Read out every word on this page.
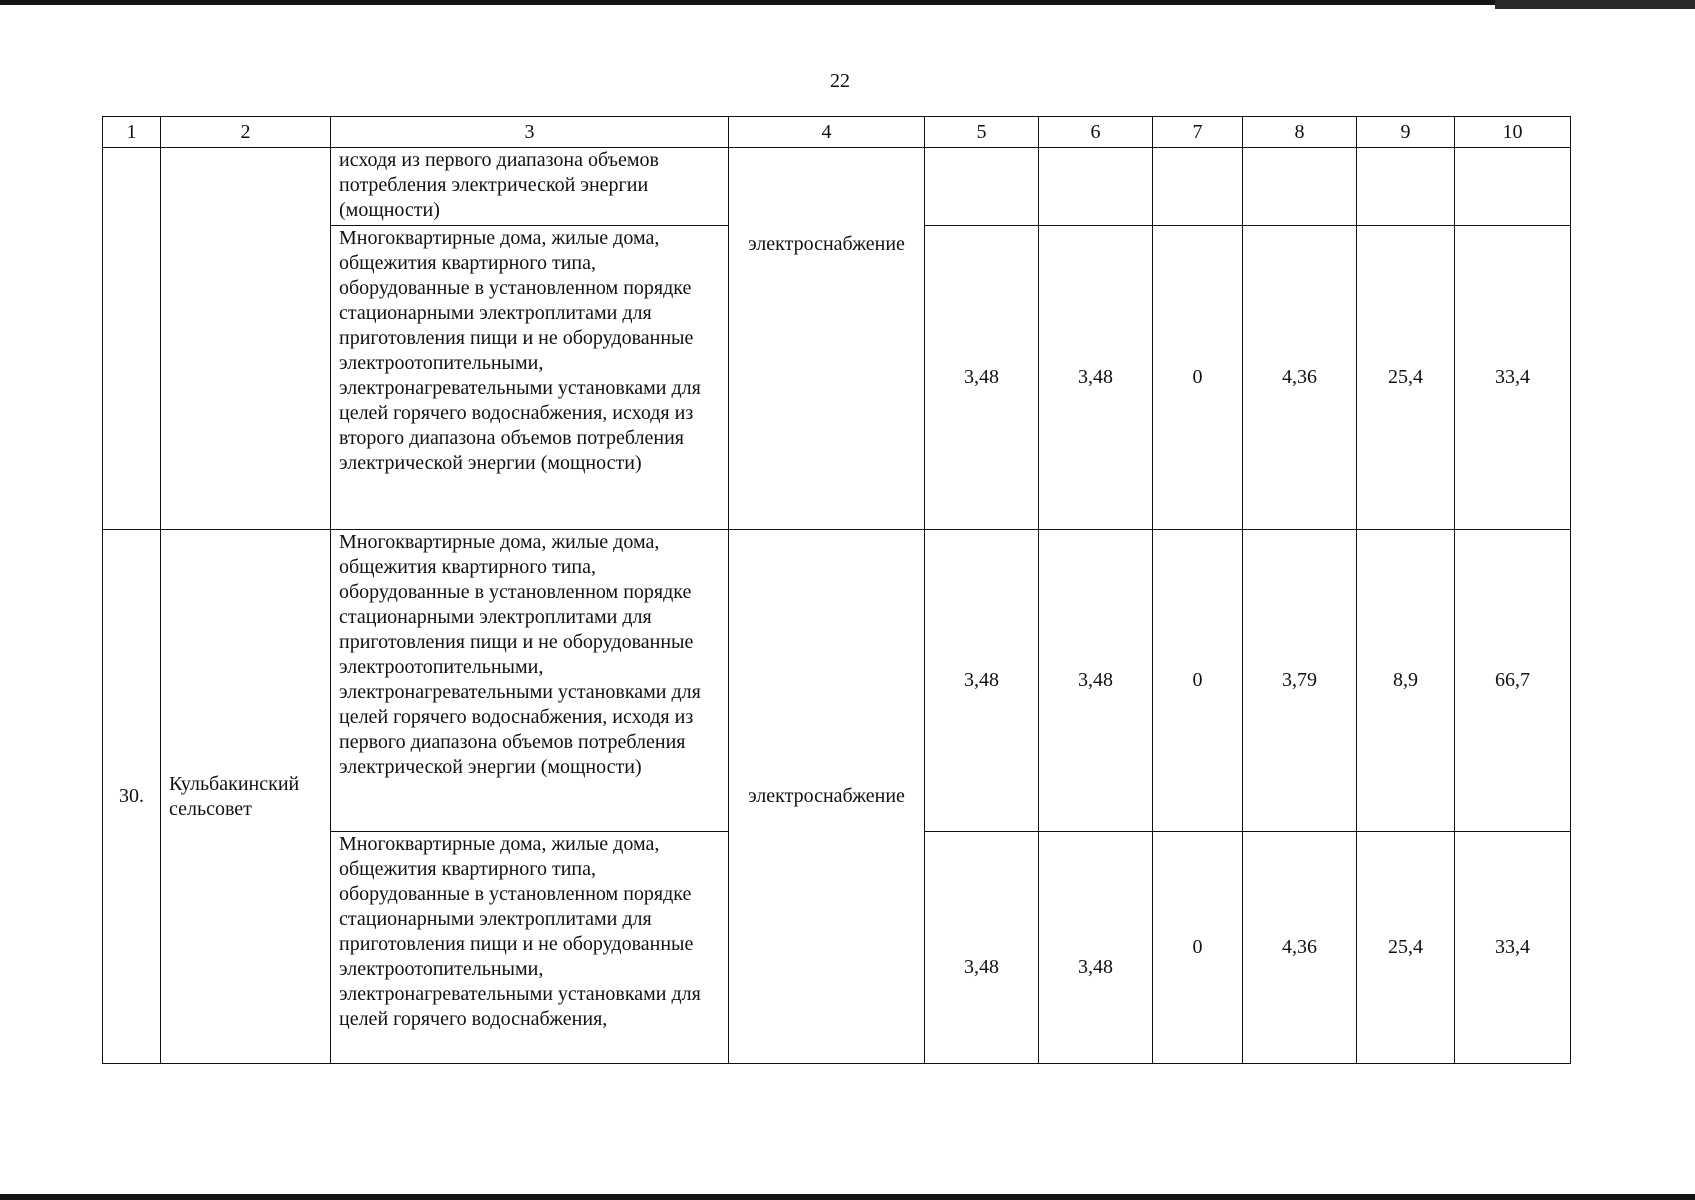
22
1	2	3	4	5	6	7	8	9	10
		исходя из первого диапазона объемов потребления электрической энергии (мощности)	электроснабжение						
		Многоквартирные дома, жилые дома, общежития квартирного типа, оборудованные в установленном порядке стационарными электроплитами для приготовления пищи и не оборудованные электроотопительными, электронагревательными установками для целей горячего водоснабжения, исходя из второго диапазона объемов потребления электрической энергии (мощности)		3,48	3,48	0	4,36	25,4	33,4
30.	Кульбакинский сельсовет	Многоквартирные дома, жилые дома, общежития квартирного типа, оборудованные в установленном порядке стационарными электроплитами для приготовления пищи и не оборудованные электроотопительными, электронагревательными установками для целей горячего водоснабжения, исходя из первого диапазона объемов потребления электрической энергии (мощности)	электроснабжение	3,48	3,48	0	3,79	8,9	66,7
		Многоквартирные дома, жилые дома, общежития квартирного типа, оборудованные в установленном порядке стационарными электроплитами для приготовления пищи и не оборудованные электроотопительными, электронагревательными установками для целей горячего водоснабжения,		3,48	3,48	0	4,36	25,4	33,4
